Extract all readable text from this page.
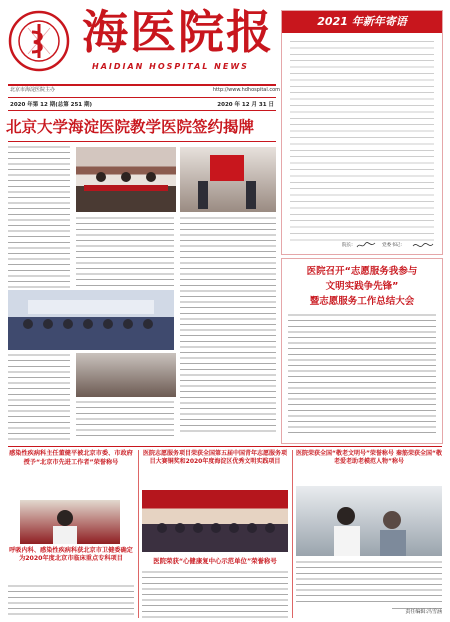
海医院报
HAIDIAN HOSPITAL NEWS
北京市海淀医院主办	http://www.hdhospital.com
2020 年第 12 期(总第 251 期)	2020 年 12 月 31 日
2021 年新年寄语
院长:	党委书记:
北京大学海淀医院教学医院签约揭牌
医院召开“志愿服务我参与
文明实践争先锋”
暨志愿服务工作总结大会
感染性疾病科主任董健平被北京市委、市政府授予“北京市先进工作者”荣誉称号
呼吸内科、感染性疾病科获北京市卫健委确定为2020年度北京市临床重点专科项目
医院志愿服务项目荣获全国第五届中国青年志愿服务项目大赛铜奖和2020年度海淀区优秀文明实践项目
医院荣获“心健康复中心示范单位”荣誉称号
医院荣获全国“敬老文明号”荣誉称号 秦筋荣获全国“敬老爱老助老模范人物”称号
责任编辑:冯雪涵
